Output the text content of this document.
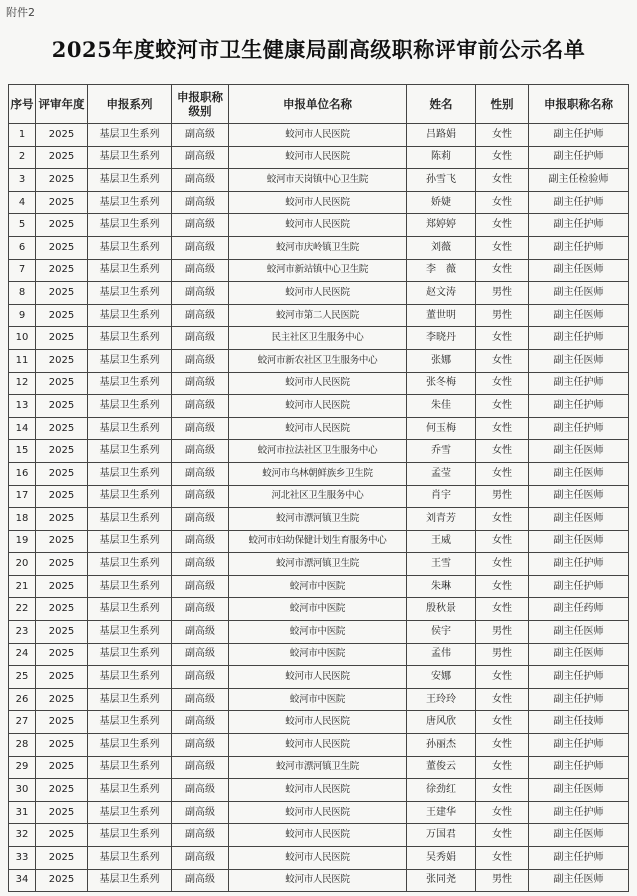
附件2
2025年度蛟河市卫生健康局副高级职称评审前公示名单
序号	评审年度	申报系列	申报职称级别	申报单位名称	姓名	性别	申报职称名称
1	2025	基层卫生系列	副高级	蛟河市人民医院	吕路娟	女性	副主任护师
2	2025	基层卫生系列	副高级	蛟河市人民医院	陈莉	女性	副主任护师
3	2025	基层卫生系列	副高级	蛟河市天岗镇中心卫生院	孙雪飞	女性	副主任检验师
4	2025	基层卫生系列	副高级	蛟河市人民医院	娇婕	女性	副主任护师
5	2025	基层卫生系列	副高级	蛟河市人民医院	郑婷婷	女性	副主任护师
6	2025	基层卫生系列	副高级	蛟河市庆岭镇卫生院	刘薇	女性	副主任护师
7	2025	基层卫生系列	副高级	蛟河市新站镇中心卫生院	李　薇	女性	副主任医师
8	2025	基层卫生系列	副高级	蛟河市人民医院	赵文涛	男性	副主任医师
9	2025	基层卫生系列	副高级	蛟河市第二人民医院	董世明	男性	副主任医师
10	2025	基层卫生系列	副高级	民主社区卫生服务中心	李晓丹	女性	副主任护师
11	2025	基层卫生系列	副高级	蛟河市新农社区卫生服务中心	张娜	女性	副主任医师
12	2025	基层卫生系列	副高级	蛟河市人民医院	张冬梅	女性	副主任护师
13	2025	基层卫生系列	副高级	蛟河市人民医院	朱佳	女性	副主任护师
14	2025	基层卫生系列	副高级	蛟河市人民医院	何玉梅	女性	副主任护师
15	2025	基层卫生系列	副高级	蛟河市拉法社区卫生服务中心	乔雪	女性	副主任医师
16	2025	基层卫生系列	副高级	蛟河市乌林朝鲜族乡卫生院	孟莹	女性	副主任医师
17	2025	基层卫生系列	副高级	河北社区卫生服务中心	肖宇	男性	副主任医师
18	2025	基层卫生系列	副高级	蛟河市漂河镇卫生院	刘青芳	女性	副主任医师
19	2025	基层卫生系列	副高级	蛟河市妇幼保健计划生育服务中心	王威	女性	副主任医师
20	2025	基层卫生系列	副高级	蛟河市漂河镇卫生院	王雪	女性	副主任护师
21	2025	基层卫生系列	副高级	蛟河市中医院	朱琳	女性	副主任护师
22	2025	基层卫生系列	副高级	蛟河市中医院	殷秋景	女性	副主任药师
23	2025	基层卫生系列	副高级	蛟河市中医院	侯宇	男性	副主任医师
24	2025	基层卫生系列	副高级	蛟河市中医院	孟伟	男性	副主任医师
25	2025	基层卫生系列	副高级	蛟河市人民医院	安娜	女性	副主任护师
26	2025	基层卫生系列	副高级	蛟河市中医院	王玲玲	女性	副主任护师
27	2025	基层卫生系列	副高级	蛟河市人民医院	唐风欣	女性	副主任技师
28	2025	基层卫生系列	副高级	蛟河市人民医院	孙丽杰	女性	副主任护师
29	2025	基层卫生系列	副高级	蛟河市漂河镇卫生院	董俊云	女性	副主任护师
30	2025	基层卫生系列	副高级	蛟河市人民医院	徐劲红	女性	副主任医师
31	2025	基层卫生系列	副高级	蛟河市人民医院	王建华	女性	副主任护师
32	2025	基层卫生系列	副高级	蛟河市人民医院	万国君	女性	副主任医师
33	2025	基层卫生系列	副高级	蛟河市人民医院	吴秀娟	女性	副主任护师
34	2025	基层卫生系列	副高级	蛟河市人民医院	张同尧	男性	副主任医师
